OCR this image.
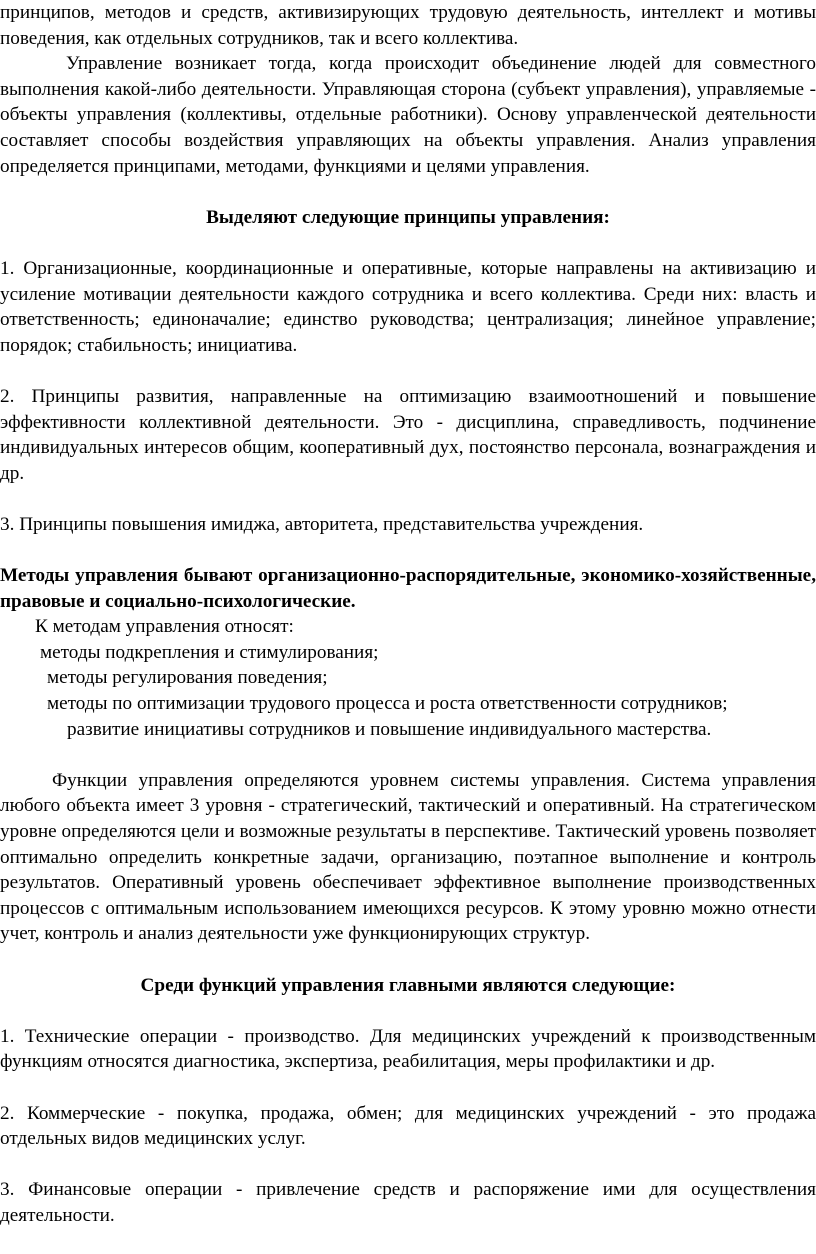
принципов, методов и средств, активизирующих трудовую деятельность, интеллект и мотивы поведения, как отдельных сотрудников, так и всего коллектива.

Управление возникает тогда, когда происходит объединение людей для совместного выполнения какой-либо деятельности. Управляющая сторона (субъект управления), управляемые - объекты управления (коллективы, отдельные работники). Основу управленческой деятельности составляет способы воздействия управляющих на объекты управления. Анализ управления определяется принципами, методами, функциями и целями управления.

Выделяют следующие принципы управления:

1. Организационные, координационные и оперативные, которые направлены на активизацию и усиление мотивации деятельности каждого сотрудника и всего коллектива. Среди них: власть и ответственность; единоначалие; единство руководства; централизация; линейное управление; порядок; стабильность; инициатива.

2. Принципы развития, направленные на оптимизацию взаимоотношений и повышение эффективности коллективной деятельности. Это - дисциплина, справедливость, подчинение индивидуальных интересов общим, кооперативный дух, постоянство персонала, вознаграждения и др.

3. Принципы повышения имиджа, авторитета, представительства учреждения.

Методы управления бывают организационно-распорядительные, экономико-хозяйственные, правовые и социально-психологические.

К методам управления относят:

методы подкрепления и стимулирования;

методы регулирования поведения;

методы по оптимизации трудового процесса и роста ответственности сотрудников;

развитие инициативы сотрудников и повышение индивидуального мастерства.

Функции управления определяются уровнем системы управления. Система управления любого объекта имеет 3 уровня - стратегический, тактический и оперативный. На стратегическом уровне определяются цели и возможные результаты в перспективе. Тактический уровень позволяет оптимально определить конкретные задачи, организацию, поэтапное выполнение и контроль результатов. Оперативный уровень обеспечивает эффективное выполнение производственных процессов с оптимальным использованием имеющихся ресурсов. К этому уровню можно отнести учет, контроль и анализ деятельности уже функционирующих структур.

Среди функций управления главными являются следующие:

1. Технические операции - производство. Для медицинских учреждений к производственным функциям относятся диагностика, экспертиза, реабилитация, меры профилактики и др.

2. Коммерческие - покупка, продажа, обмен; для медицинских учреждений - это продажа отдельных видов медицинских услуг.

3. Финансовые операции - привлечение средств и распоряжение ими для осуществления деятельности.
